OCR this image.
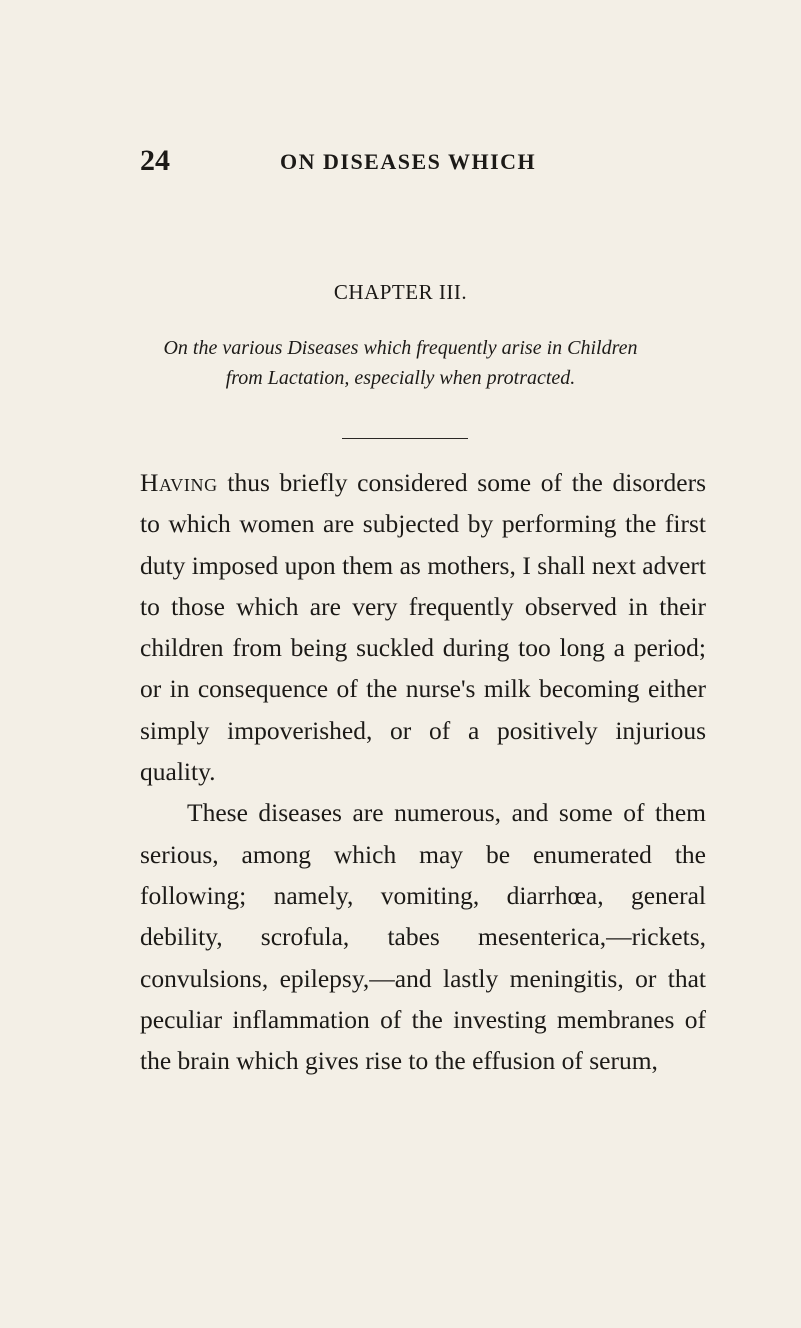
24	ON DISEASES WHICH
CHAPTER III.
On the various Diseases which frequently arise in Children
from Lactation, especially when protracted.

Having thus briefly considered some of the disorders to which women are subjected by performing the first duty imposed upon them as mothers, I shall next advert to those which are very frequently observed in their children from being suckled during too long a period; or in consequence of the nurse's milk becoming either simply impoverished, or of a positively injurious quality.

These diseases are numerous, and some of them serious, among which may be enumerated the following; namely, vomiting, diarrhœa, general debility, scrofula, tabes mesenterica,—rickets, convulsions, epilepsy,—and lastly meningitis, or that peculiar inflammation of the investing membranes of the brain which gives rise to the effusion of serum,
